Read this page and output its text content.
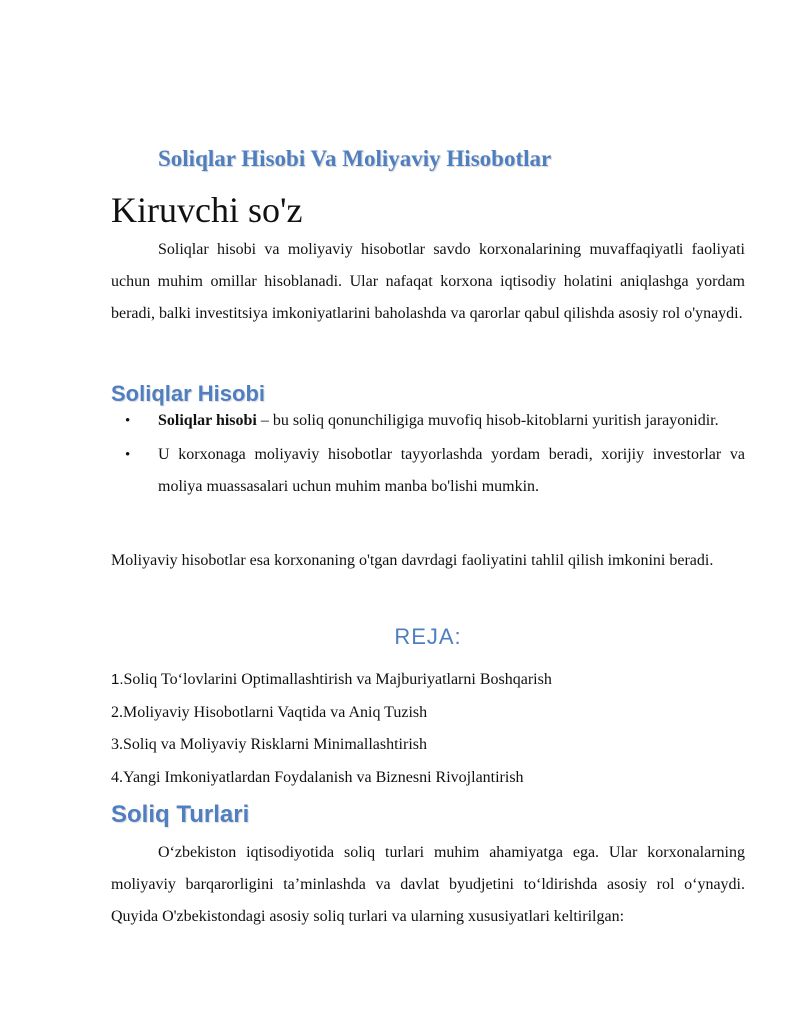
Soliqlar Hisobi Va Moliyaviy Hisobotlar
Kiruvchi so'z

Soliqlar hisobi va moliyaviy hisobotlar savdo korxonalarining muvaffaqiyatli faoliyati uchun muhim omillar hisoblanadi. Ular nafaqat korxona iqtisodiy holatini aniqlashga yordam beradi, balki investitsiya imkoniyatlarini baholashda va qarorlar qabul qilishda asosiy rol o'ynaydi.

Soliqlar Hisobi
• Soliqlar hisobi – bu soliq qonunchiligiga muvofiq hisob-kitoblarni yuritish jarayonidir.
• U korxonaga moliyaviy hisobotlar tayyorlashda yordam beradi, xorijiy investorlar va moliya muassasalari uchun muhim manba bo'lishi mumkin.

Moliyaviy hisobotlar esa korxonaning o'tgan davrdagi faoliyatini tahlil qilish imkonini beradi.

REJA:
1.Soliq To‘lovlarini Optimallashtirish va Majburiyatlarni Boshqarish
2.Moliyaviy Hisobotlarni Vaqtida va Aniq Tuzish
3.Soliq va Moliyaviy Risklarni Minimallashtirish
4.Yangi Imkoniyatlardan Foydalanish va Biznesni Rivojlantirish
Soliq Turlari

O‘zbekiston iqtisodiyotida soliq turlari muhim ahamiyatga ega. Ular korxonalarning moliyaviy barqarorligini ta’minlashda va davlat byudjetini to‘ldirishda asosiy rol o‘ynaydi. Quyida O'zbekistondagi asosiy soliq turlari va ularning xususiyatlari keltirilgan:
